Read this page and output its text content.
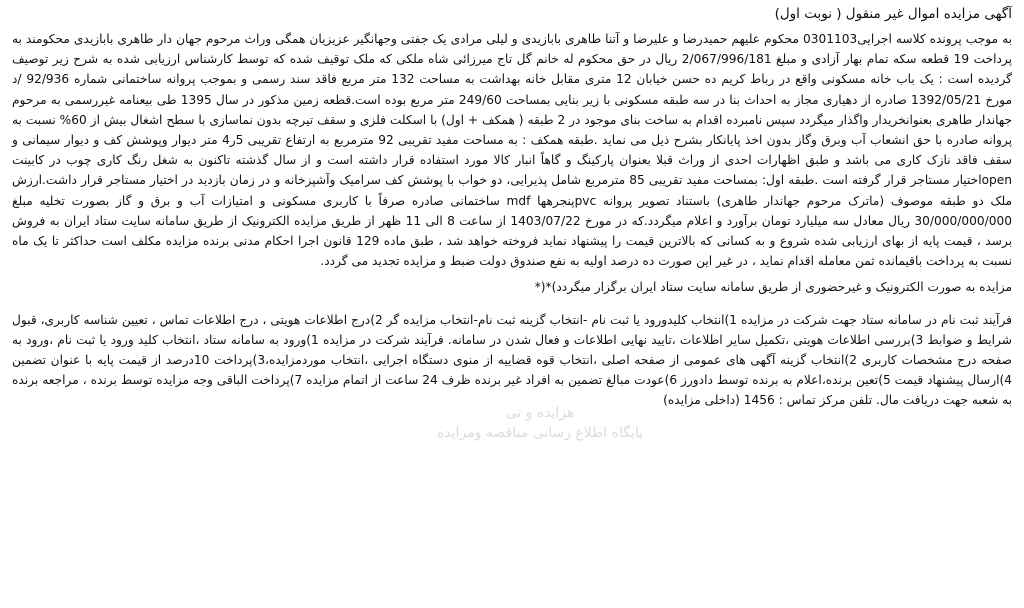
آگهی مزایده اموال غیر منقول ( نوبت اول)

به موجب پرونده کلاسه اجرایی0301103 محکوم علیهم حمیدرضا و علیرضا و آتنا طاهری بابازیدی و لیلی مرادی یک جفتی وجهانگیر عزیزیان همگی وراث مرحوم جهان دار طاهری بابازیدی محکومند به پرداخت 19 قطعه سکه تمام بهار آزادی و مبلغ 2/067/996/181 ریال در حق محکوم له خانم گل تاج میرزائی شاه ملکی که ملک توقیف شده که توسط کارشناس ارزیابی شده به شرح زیر توصیف گردیده است : یک باب خانه مسکونی واقع در رباط کریم ده حسن خیابان 12 متری مقابل خانه بهداشت به مساحت 132 متر مربع فاقد سند رسمی و بموجب پروانه ساختمانی شماره 92/936 /د مورخ 1392/05/21 صادره از دهیاری مجاز به احداث بنا در سه طبقه مسکونی با زیر بنایی بمساحت 249/60 متر مربع بوده است.قطعه زمین مذکور در سال 1395 طی بیعنامه غیررسمی به مرحوم جهاندار طاهری بعنوانخریدار واگذار میگردد سپس نامبرده اقدام به ساخت بنای موجود در 2 طبقه ( همکف + اول) با اسکلت فلزی و سقف تیرچه بدون نماسازی با سطح اشغال بیش از 60% نسبت به پروانه صادره با حق انشعاب آب وبرق وگاز بدون اخذ پایانکار بشرح ذیل می نماید .طبقه همکف : به مساحت مفید تقریبی 92 مترمربع به ارتفاع تقریبی 5ر4 متر دیوار وپوشش کف و دیوار سیمانی و سقف فاقد نازک کاری می باشد و طبق اظهارات احدی از وراث قبلا بعنوان پارکینگ و گاهاً انبار کالا مورد استفاده قرار داشته است و از سال گذشته تاکنون به شغل رنگ کاری چوب در کابینت openاختیار مستاجر قرار گرفته است .طبقه اول: بمساحت مفید تقریبی 85 مترمربع شامل پذیرایی، دو خواب با پوشش کف سرامیک وآشپزخانه و در زمان بازدید در اختیار مستاجر قرار داشت.ارزش ملک دو طبقه موصوف (ماترک مرحوم جهاندار طاهری) باستناد تصویر پروانه pvcپنجرهها mdf ساختمانی صادره صرفاً با کاربری مسکونی و امتیازات آب و برق و گاز بصورت تخلیه مبلغ 30/000/000/000 ریال معادل سه میلیارد تومان برآورد و اعلام میگردد.که در مورخ 1403/07/22 از ساعت 8 الی 11 ظهر از طریق مزایده الکترونیک از طریق سامانه سایت ستاد ایران به فروش برسد ، قیمت پایه از بهای ارزیابی شده شروع و به کسانی که بالاترین قیمت را پیشنهاد نماید فروخته خواهد شد ، طبق ماده 129 قانون اجرا احکام مدنی برنده مزایده مکلف است حداکثر تا یک ماه نسبت به پرداخت باقیمانده ثمن معامله اقدام نماید ، در غیر این صورت ده درصد اولیه به نفع صندوق دولت ضبط و مزایده تجدید می گردد.

مزایده به صورت الکترونیک و غیرحضوری از طریق سامانه سایت ستاد ایران برگزار میگردد)*(*

فرآیند ثبت نام در سامانه ستاد جهت شرکت در مزایده 1)انتخاب کلیدورود یا ثبت نام -انتخاب گزینه ثبت نام-انتخاب مزایده گر 2)درج اطلاعات هویتی ، درج اطلاعات تماس ، تعیین شناسه کاربری، قبول شرایط و ضوابط 3)بررسی اطلاعات هویتی ،تکمیل سایر اطلاعات ،تایید نهایی اطلاعات و فعال شدن در سامانه. فرآیند شرکت در مزایده 1)ورود به سامانه ستاد ،انتخاب کلید ورود یا ثبت نام ،ورود به صفحه درج مشخصات کاربری 2)انتخاب گزینه آگهی های عمومی از صفحه اصلی ،انتخاب قوه قضاییه از منوی دستگاه اجرایی ،انتخاب موردمزایده،3)پرداخت 10درصد از قیمت پایه با عنوان تضمین 4)ارسال پیشنهاد قیمت 5)تعین برنده،اعلام به برنده توسط دادورز 6)عودت مبالغ تضمین به افراد غیر برنده ظرف 24 ساعت از اتمام مزایده 7)پرداخت الباقی وجه مزایده توسط برنده ، مراجعه برنده به شعبه جهت دریافت مال. تلفن مرکز تماس : 1456 (داخلی مزایده)

هزایده و تی
پایگاه اطلاع رسانی مناقصه ومزایده
